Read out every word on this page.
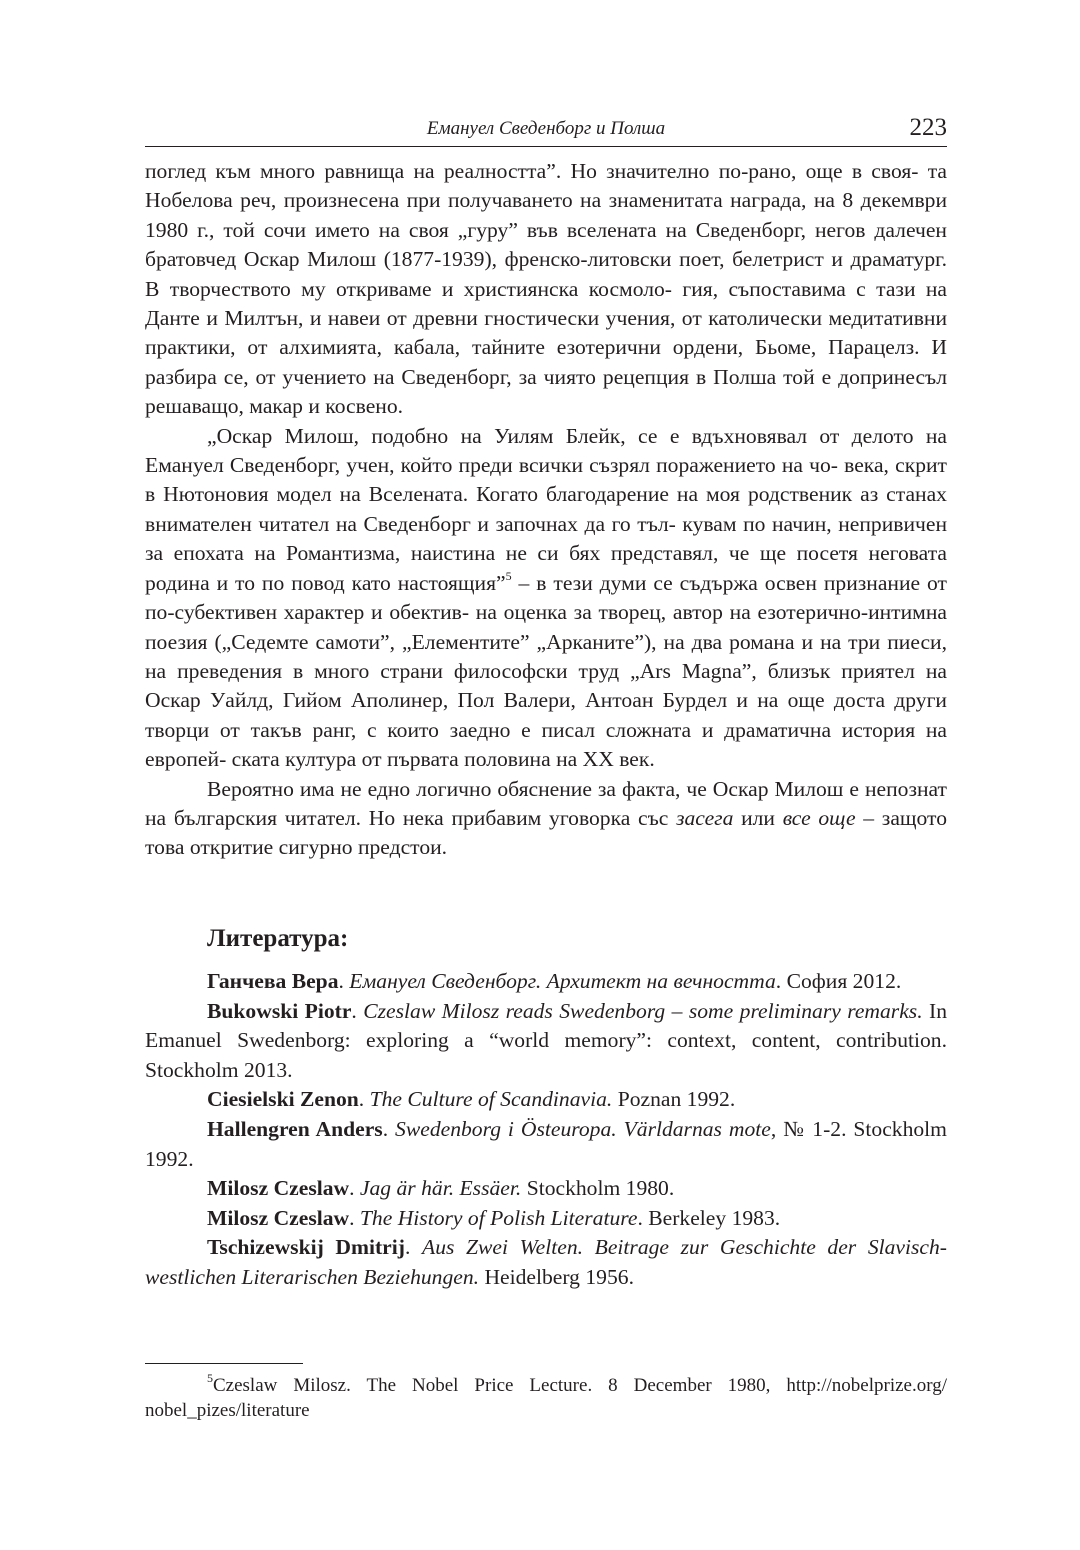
Емануел Сведенборг и Полша	223

поглед към много равнища на реалността”. Но значително по-рано, още в своя- та Нобелова реч, произнесена при получаването на знаменитата награда, на 8 декември 1980 г., той сочи името на своя „гуру” във вселената на Сведенборг, негов далечен братовчед Оскар Милош (1877-1939), френско-литовски поет, белетрист и драматург. В творчеството му откриваме и християнска космоло- гия, съпоставима с тази на Данте и Милтън, и навеи от древни гностически учения, от католически медитативни практики, от алхимията, кабала, тайните езотерични ордени, Бьоме, Парацелз. И разбира се, от учението на Сведенборг, за чиято рецепция в Полша той е допринесъл решаващо, макар и косвено.

„Оскар Милош, подобно на Уилям Блейк, се е вдъхновявал от делото на Емануел Сведенборг, учен, който преди всички съзрял поражението на чо- века, скрит в Нютоновия модел на Вселената. Когато благодарение на моя родственик аз станах внимателен читател на Сведенборг и започнах да го тъл- кувам по начин, непривичен за епохата на Романтизма, наистина не си бях представял, че ще посетя неговата родина и то по повод като настоящия”$^5$ – в тези думи се съдържа освен признание от по-субективен характер и обектив- на оценка за творец, автор на езотерично-интимна поезия („Седемте самоти”, „Елементите” „Арканите”), на два романа и на три пиеси, на преведения в много страни философски труд „Ars Magna”, близък приятел на Оскар Уайлд, Гийом Аполинер, Пол Валери, Антоан Бурдел и на още доста други творци от такъв ранг, с които заедно е писал сложната и драматична история на европей- ската култура от първата половина на XX век.

Вероятно има не едно логично обяснение за факта, че Оскар Милош е непознат на българския читател. Но нека прибавим уговорка със засега или все още – защото това откритие сигурно предстои.

Литература:

Ганчева Вера. Емануел Сведенборг. Архитект на вечността. София 2012.

Bukowski Piotr. Czeslaw Milosz reads Swedenborg – some preliminary remarks. In Emanuel Swedenborg: exploring a “world memory”: context, content, contribution. Stockholm 2013.

Ciesielski Zenon. The Culture of Scandinavia. Poznan 1992.

Hallengren Anders. Swedenborg i Östeuropa. Världarnas mote, № 1-2. Stockholm 1992.

Milosz Czeslaw. Jag är här. Essäer. Stockholm 1980.

Milosz Czeslaw. The History of Polish Literature. Berkeley 1983.

Tschizewskij Dmitrij. Aus Zwei Welten. Beitrage zur Geschichte der Slavisch-westlichen Literarischen Beziehungen. Heidelberg 1956.

$^5$Czeslaw Milosz. The Nobel Price Lecture. 8 December 1980, http://nobelprize.org/ nobel_pizes/literature
